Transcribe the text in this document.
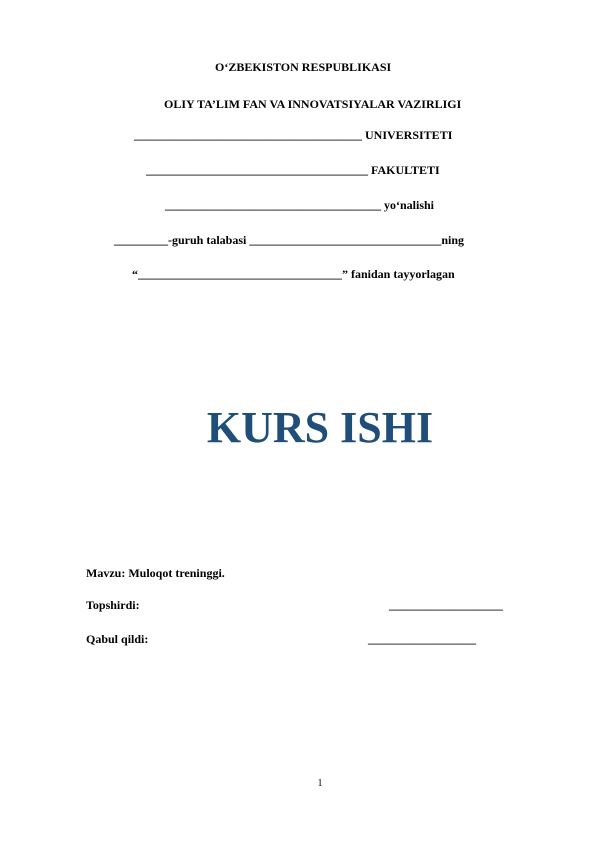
O‘ZBEKISTON RESPUBLIKASI
OLIY TA’LIM FAN VA INNOVATSIYALAR VAZIRLIGI
______________________________________ UNIVERSITETI
_____________________________________ FAKULTETI
____________________________________ yo‘nalishi
_________-guruh talabasi ________________________________ning
“__________________________________” fanidan tayyorlagan
KURS ISHI
Mavzu: Muloqot treninggi.
Topshirdi:	___________________
Qabul qildi:	__________________
1
